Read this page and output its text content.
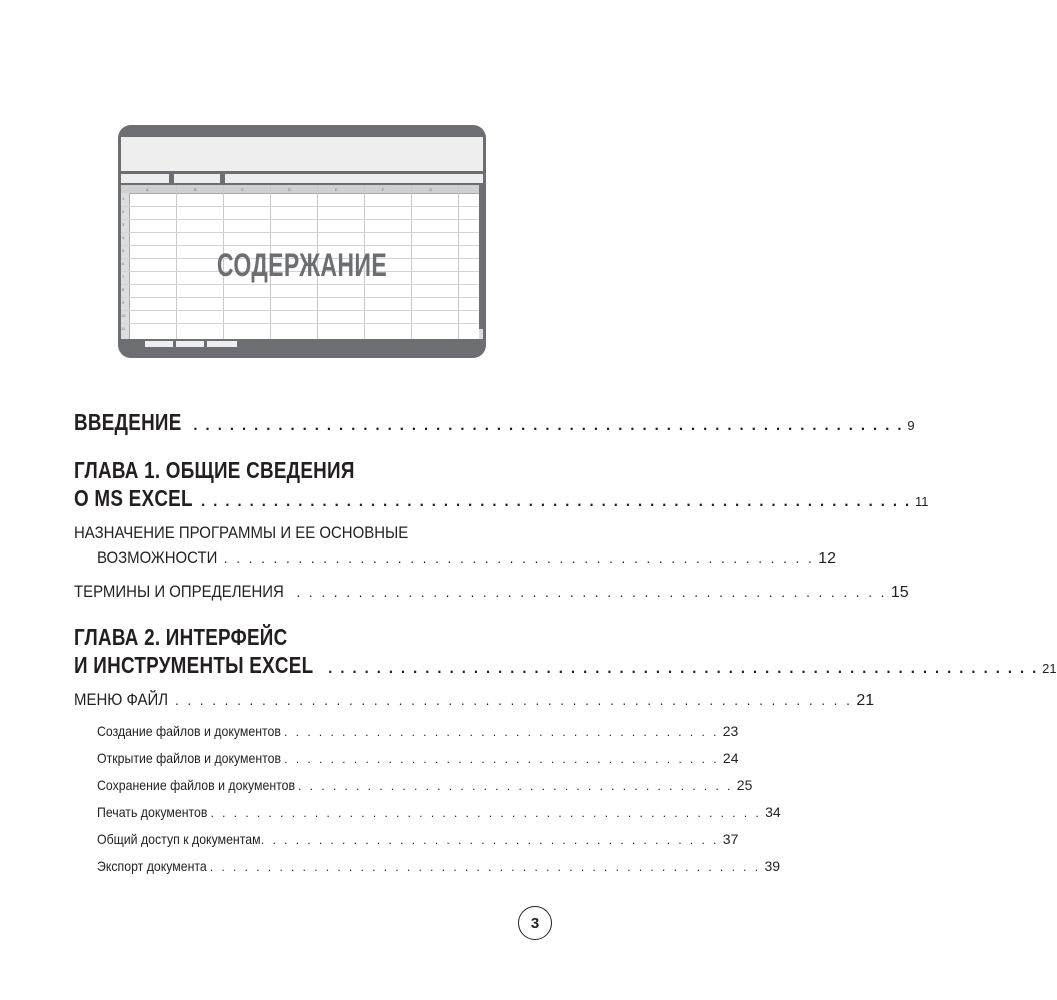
A	B	C	D	E	F	G
1
2
3
4
5
6
7
8
9
10
11
СОДЕРЖАНИЕ
ВВЕДЕНИЕ . . . . . . . . . . . . . . . . . . . . . . . . . . . . . . . . . . . . . . . . . . . . . . . . . . . . . . . . . . . 9
ГЛАВА 1. ОБЩИЕ СВЕДЕНИЯ
О MS EXCEL . . . . . . . . . . . . . . . . . . . . . . . . . . . . . . . . . . . . . . . . . . . . . . . . . . . . . . . . . . . 11
НАЗНАЧЕНИЕ ПРОГРАММЫ И ЕЕ ОСНОВНЫЕ
ВОЗМОЖНОСТИ . . . . . . . . . . . . . . . . . . . . . . . . . . . . . . . . . . . . . . . . . . . . . . . . 12
ТЕРМИНЫ И ОПРЕДЕЛЕНИЯ	. . . . . . . . . . . . . . . . . . . . . . . . . . . . . . . . . . . . . . . . . . . . . . . . 15
ГЛАВА 2. ИНТЕРФЕЙС
И ИНСТРУМЕНТЫ EXCEL	. . . . . . . . . . . . . . . . . . . . . . . . . . . . . . . . . . . . . . . . . . . . . . . . . . . . . . . . . . . 21
МЕНЮ ФАЙЛ . . . . . . . . . . . . . . . . . . . . . . . . . . . . . . . . . . . . . . . . . . . . . . . . . . . . . . . 21
Создание файлов и документов . . . . . . . . . . . . . . . . . . . . . . . . . . . . . . . . . . . . . . 23
Открытие файлов и документов . . . . . . . . . . . . . . . . . . . . . . . . . . . . . . . . . . . . . . 24
Сохранение файлов и документов . . . . . . . . . . . . . . . . . . . . . . . . . . . . . . . . . . . . . . 25
Печать документов . . . . . . . . . . . . . . . . . . . . . . . . . . . . . . . . . . . . . . . . . . . . . . . . 34
Общий доступ к документам . . . . . . . . . . . . . . . . . . . . . . . . . . . . . . . . . . . . . . . . 37
Экспорт документа . . . . . . . . . . . . . . . . . . . . . . . . . . . . . . . . . . . . . . . . . . . . . . . . 39
3
